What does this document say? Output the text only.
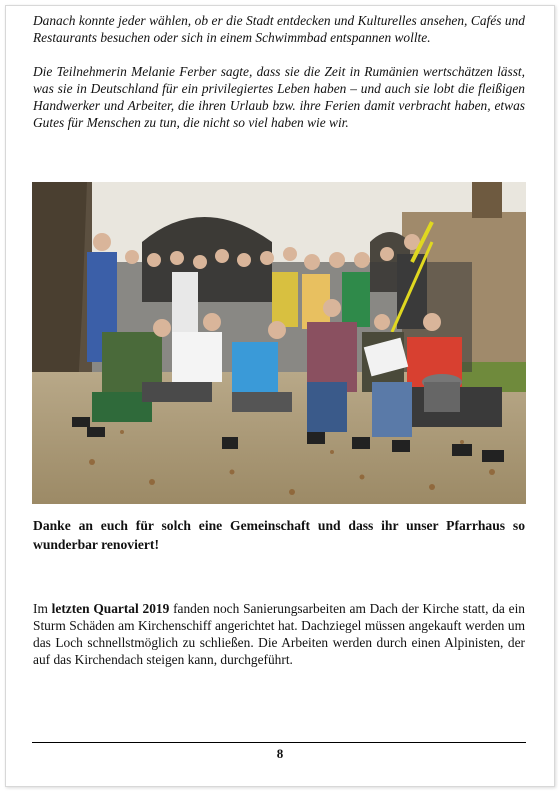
Danach konnte jeder wählen, ob er die Stadt entdecken und Kulturelles ansehen, Cafés und Restaurants besuchen oder sich in einem Schwimmbad entspannen wollte.

Die Teilnehmerin Melanie Ferber sagte, dass sie die Zeit in Rumänien wertschätzen lässt, was sie in Deutschland für ein privilegiertes Leben haben – und auch sie lobt die fleißigen Handwerker und Arbeiter, die ihren Urlaub bzw. ihre Ferien damit verbracht haben, etwas Gutes für Menschen zu tun, die nicht so viel haben wie wir.

Danke an euch für solch eine Gemeinschaft und dass ihr unser Pfarrhaus so wunderbar renoviert!

Im letzten Quartal 2019 fanden noch Sanierungsarbeiten am Dach der Kirche statt, da ein Sturm Schäden am Kirchenschiff angerichtet hat. Dachziegel müssen angekauft werden um das Loch schnellstmöglich zu schließen. Die Arbeiten werden durch einen Alpinisten, der auf das Kirchendach steigen kann, durchgeführt.

8
